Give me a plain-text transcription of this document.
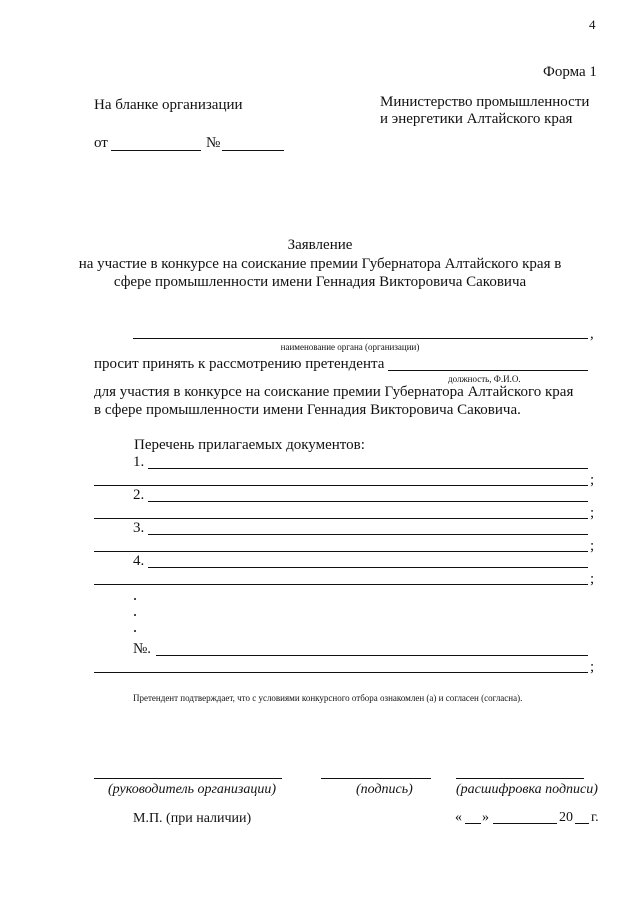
4
Форма 1
На бланке организации	Министерство промышленности
и энергетики Алтайского края
от	№
Заявление
на участие в конкурсе на соискание премии Губернатора Алтайского края в
сфере промышленности имени Геннадия Викторовича Саковича
,
наименование органа (организации)
просит принять к рассмотрению претендента
должность, Ф.И.О.
для участия в конкурсе на соискание премии Губернатора Алтайского края
в сфере промышленности имени Геннадия Викторовича Саковича.
Перечень прилагаемых документов:
1.
;
2.
;
3.
;
4.
;
№.
;
Претендент подтверждает, что с условиями конкурсного отбора ознакомлен (а) и согласен (согласна).
(руководитель организации)	(подпись)	(расшифровка подписи)
М.П. (при наличии)	« »	20 г.
